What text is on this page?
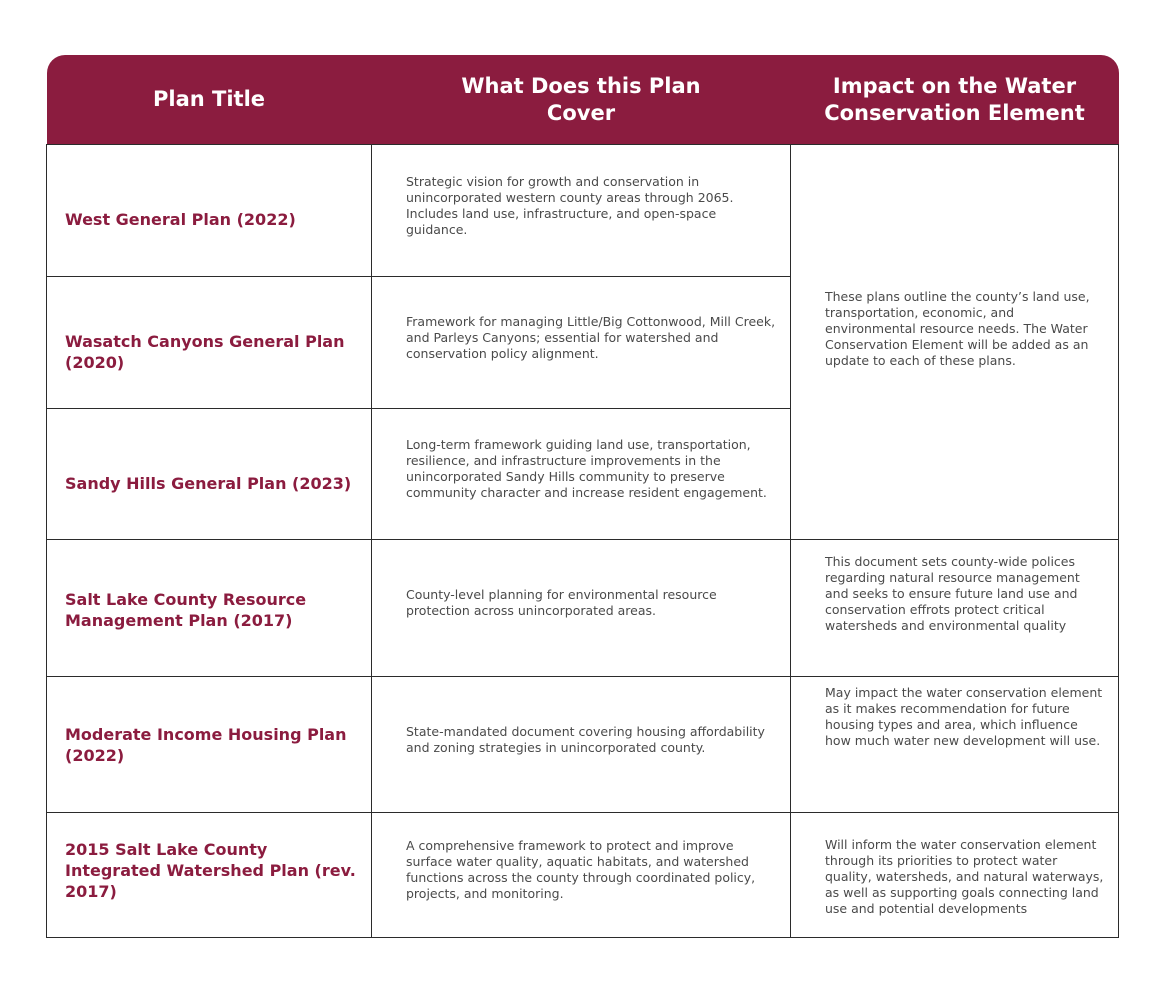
Plan Title	What Does this Plan Cover	Impact on the Water Conservation Element

West General Plan (2022)	Strategic vision for growth and conservation in unincorporated western county areas through 2065. Includes land use, infrastructure, and open-space guidance.	These plans outline the county’s land use, transportation, economic, and environmental resource needs. The Water Conservation Element will be added as an update to each of these plans.

Wasatch Canyons General Plan (2020)	Framework for managing Little/Big Cottonwood, Mill Creek, and Parleys Canyons; essential for watershed and conservation policy alignment.	

Sandy Hills General Plan (2023)	Long-term framework guiding land use, transportation, resilience, and infrastructure improvements in the unincorporated Sandy Hills community to preserve community character and increase resident engagement.	

Salt Lake County Resource Management Plan (2017)	County-level planning for environmental resource protection across unincorporated areas.	This document sets county-wide polices regarding natural resource management and seeks to ensure future land use and conservation effrots protect critical watersheds and environmental quality

Moderate Income Housing Plan (2022)	State-mandated document covering housing affordability and zoning strategies in unincorporated county.	May impact the water conservation element as it makes recommendation for future housing types and area, which influence how much water new development will use.

2015 Salt Lake County Integrated Watershed Plan (rev. 2017)	A comprehensive framework to protect and improve surface water quality, aquatic habitats, and watershed functions across the county through coordinated policy, projects, and monitoring.	Will inform the water conservation element through its priorities to protect water quality, watersheds, and natural waterways, as well as supporting goals connecting land use and potential developments
